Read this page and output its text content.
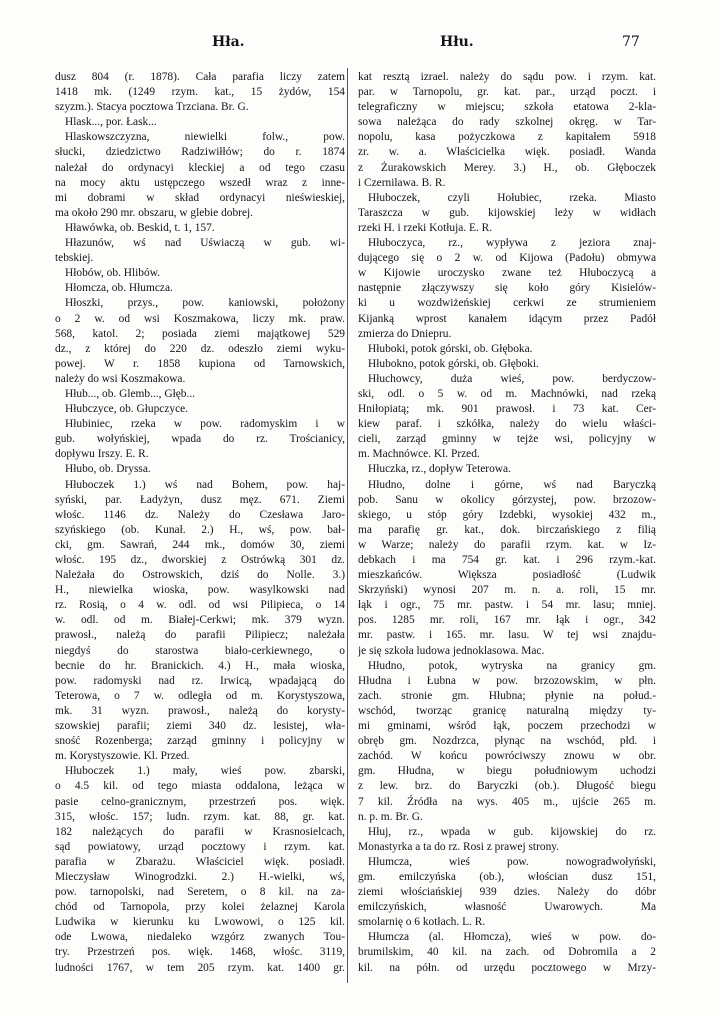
Hła.	Hłu.	77
dusz 804 (r. 1878). Cała parafia liczy zatem
1418 mk. (1249 rzym. kat., 15 żydów, 154
szyzm.). Stacya pocztowa Trzciana. Br. G.
Hlask..., por. Łask...
Hlaskowszczyzna, niewielki folw., pow.
słucki, dziedzictwo Radziwiłłów; do r. 1874
należał do ordynacyi kleckiej a od tego czasu
na mocy aktu ustępczego wszedł wraz z inne-
mi dobrami w skład ordynacyi nieświeskiej,
ma około 290 mr. obszaru, w glebie dobrej.
Hławówka, ob. Beskid, t. 1, 157.
Hłazunów, wś nad Uświaczą w gub. wi-
tebskiej.
Hłobów, ob. Hlibów.
Hłomcza, ob. Hłumcza.
Hłoszki, przys., pow. kaniowski, położony
o 2 w. od wsi Koszmakowa, liczy mk. praw.
568, katol. 2; posiada ziemi majątkowej 529
dz., z której do 220 dz. odeszło ziemi wyku-
powej. W r. 1858 kupiona od Tarnowskich,
należy do wsi Koszmakowa.
Hłub..., ob. Glemb..., Głęb...
Hłubczyce, ob. Głupczyce.
Hłubiniec, rzeka w pow. radomyskim i w
gub. wołyńskiej, wpada do rz. Trościanicy,
dopływu Irszy. E. R.
Hłubo, ob. Dryssa.
Hłuboczek 1.) wś nad Bohem, pow. haj-
syński, par. Ładyżyn, dusz męz. 671. Ziemi
włośc. 1146 dz. Należy do Czesława Jaro-
szyńskiego (ob. Kunał. 2.) H., wś, pow. bał-
cki, gm. Sawrań, 244 mk., domów 30, ziemi
włośc. 195 dz., dworskiej z Ostrówką 301 dz.
Należała do Ostrowskich, dziś do Nolle. 3.)
H., niewielka wioska, pow. wasylkowski nad
rz. Rosią, o 4 w. odl. od wsi Pilipieca, o 14
w. odl. od m. Białej-Cerkwi; mk. 379 wyzn.
prawosł., należą do parafii Pilipiecz; należała
niegdyś do starostwa biało-cerkiewnego, o
becnie do hr. Branickich. 4.) H., mała wioska,
pow. radomyski nad rz. Irwicą, wpadającą do
Teterowa, o 7 w. odległa od m. Korystyszowa,
mk. 31 wyzn. prawosł., należą do korysty-
szowskiej parafii; ziemi 340 dz. lesistej, wła-
sność Rozenberga; zarząd gminny i policyjny w
m. Korystyszowie. Kl. Przed.
Hłuboczek 1.) mały, wieś pow. zbarski,
o 4.5 kil. od tego miasta oddalona, leżąca w
pasie celno-granicznym, przestrzeń pos. więk.
315, włośc. 157; ludn. rzym. kat. 88, gr. kat.
182 należących do parafii w Krasnosielcach,
sąd powiatowy, urząd pocztowy i rzym. kat.
parafia w Zbarażu. Właściciel więk. posiadł.
Mieczysław Winogrodzki. 2.) H.-wielki, wś,
pow. tarnopolski, nad Seretem, o 8 kil. na za-
chód od Tarnopola, przy kolei żelaznej Karola
Ludwika w kierunku ku Lwowowi, o 125 kil.
ode Lwowa, niedaleko wzgórz zwanych Tou-
try. Przestrzeń pos. więk. 1468, włośc. 3119,
ludności 1767, w tem 205 rzym. kat. 1400 gr.
kat resztą izrael. należy do sądu pow. i rzym. kat.
par. w Tarnopolu, gr. kat. par., urząd poczt. i
telegraficzny w miejscu; szkoła etatowa 2-kla-
sowa należąca do rady szkolnej okręg. w Tar-
nopolu, kasa pożyczkowa z kapitałem 5918
zr. w. a. Właścicielka więk. posiadł. Wanda
z Żurakowskich Merey. 3.) H., ob. Głęboczek
i Czernilawa. B. R.
Hłuboczek, czyli Hołubiec, rzeka. Miasto
Taraszcza w gub. kijowskiej leży w widłach
rzeki H. i rzeki Kotłuja. E. R.
Hłuboczyca, rz., wypływa z jeziora znaj-
dującego się o 2 w. od Kijowa (Padołu) obmywa
w Kijowie uroczysko zwane też Hłuboczycą a
następnie złączywszy się koło góry Kisielów-
ki u wozdwiżeńskiej cerkwi ze strumieniem
Kijanką wprost kanałem idącym przez Padół
zmierza do Dniepru.
Hłuboki, potok górski, ob. Głęboka.
Hłubokno, potok górski, ob. Głęboki.
Hłuchowcy, duża wieś, pow. berdyczow-
ski, odl. o 5 w. od m. Machnówki, nad rzeką
Hniłopiatą; mk. 901 prawosł. i 73 kat. Cer-
kiew paraf. i szkółka, należy do wielu właści-
cieli, zarząd gminny w tejże wsi, policyjny w
m. Machnówce. Kl. Przed.
Hłuczka, rz., dopływ Teterowa.
Hłudno, dolne i górne, wś nad Baryczką
pob. Sanu w okolicy górzystej, pow. brzozow-
skiego, u stóp góry Izdebki, wysokiej 432 m.,
ma parafię gr. kat., dok. birczańskiego z filią
w Warze; należy do parafii rzym. kat. w Iz-
debkach i ma 754 gr. kat. i 296 rzym.-kat.
mieszkańców. Większa posiadłość (Ludwik
Skrzyński) wynosi 207 m. n. a. roli, 15 mr.
łąk i ogr., 75 mr. pastw. i 54 mr. lasu; mniej.
pos. 1285 mr. roli, 167 mr. łąk i ogr., 342
mr. pastw. i 165. mr. lasu. W tej wsi znajdu-
je się szkoła ludowa jednoklasowa. Mac.
Hłudno, potok, wytryska na granicy gm.
Hłudna i Łubna w pow. brzozowskim, w płn.
zach. stronie gm. Hłubna; płynie na połud.-
wschód, tworząc granicę naturalną między ty-
mi gminami, wśród łąk, poczem przechodzi w
obręb gm. Nozdrzca, płynąc na wschód, płd. i
zachód. W końcu powróciwszy znowu w obr.
gm. Hłudna, w biegu południowym uchodzi
z lew. brz. do Baryczki (ob.). Długość biegu
7 kil. Źródła na wys. 405 m., ujście 265 m.
n. p. m. Br. G.
Hłuj, rz., wpada w gub. kijowskiej do rz.
Monastyrka a ta do rz. Rosi z prawej strony.
Hłumcza, wieś pow. nowogradwołyński,
gm. emilczyńska (ob.), włościan dusz 151,
ziemi włościańskiej 939 dzies. Należy do dóbr
emilczyńskich, własność Uwarowych. Ma
smolarnię o 6 kotłach. L. R.
Hłumcza (al. Hłomcza), wieś w pow. do-
brumilskim, 40 kil. na zach. od Dobromila a 2
kil. na półn. od urzędu pocztowego w Mrzy-
